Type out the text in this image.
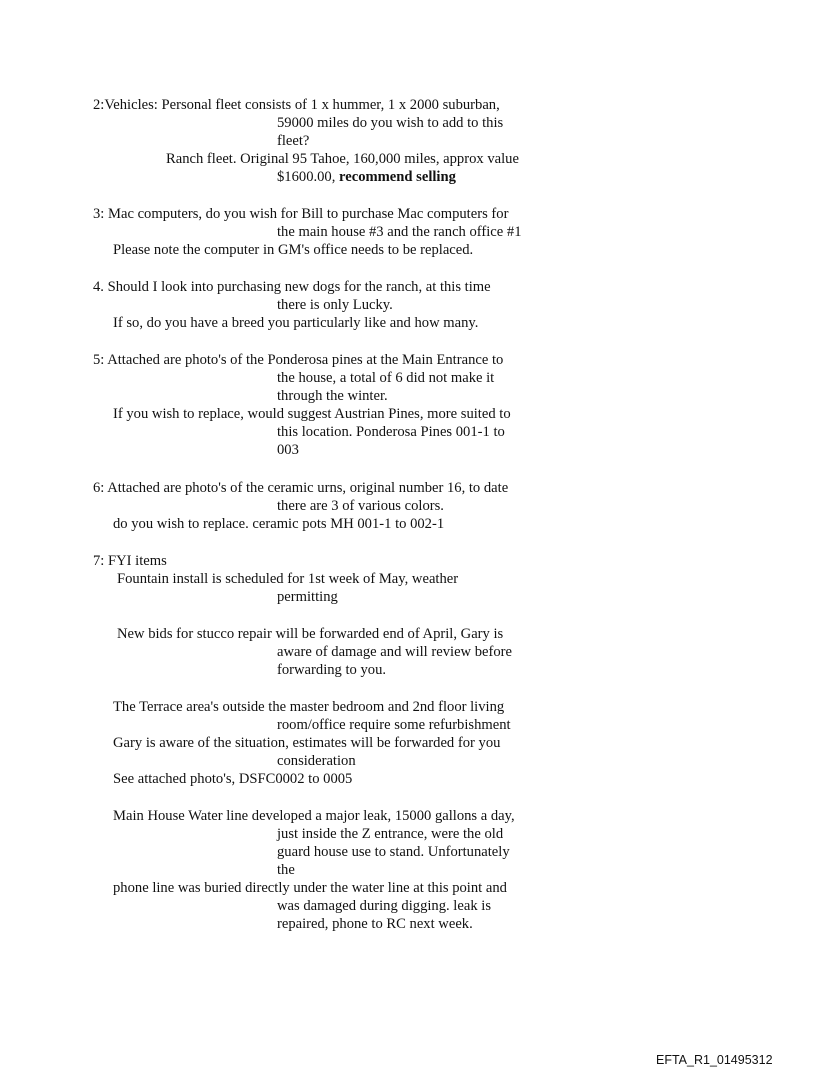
2:Vehicles: Personal fleet consists of 1 x hummer, 1 x 2000 suburban,

59000 miles do you wish to add to this

fleet?

Ranch fleet. Original 95 Tahoe, 160,000 miles, approx value

$1600.00, recommend selling

3: Mac computers, do you wish for Bill to purchase Mac computers for

the main house #3 and the ranch office #1

Please note the computer in GM's office needs to be replaced.

4. Should I look into purchasing new dogs for the ranch, at this time

there is only Lucky.

If so, do you have a breed you particularly like and how many.

5: Attached are photo's of the Ponderosa pines at the Main Entrance to

the house, a total of 6 did not make it

through the winter.

If you wish to replace, would suggest Austrian Pines, more suited to

this location. Ponderosa Pines 001-1 to

003

6: Attached are photo's of the ceramic urns, original number 16, to date

there are 3 of various colors.

do you wish to replace. ceramic pots MH 001-1 to 002-1

7: FYI items

Fountain install is scheduled for 1st week of May, weather

permitting

New bids for stucco repair will be forwarded end of April, Gary is

aware of damage and will review before

forwarding to you.

The Terrace area's outside the master bedroom and 2nd floor living

room/office require some refurbishment

Gary is aware of the situation, estimates will be forwarded for you

consideration

See attached photo's, DSFC0002 to 0005

Main House Water line developed a major leak, 15000 gallons a day,

just inside the Z entrance, were the old

guard house use to stand. Unfortunately

the

phone line was buried directly under the water line at this point and

was damaged during digging. leak is

repaired, phone to RC next week.

EFTA_R1_01495312
